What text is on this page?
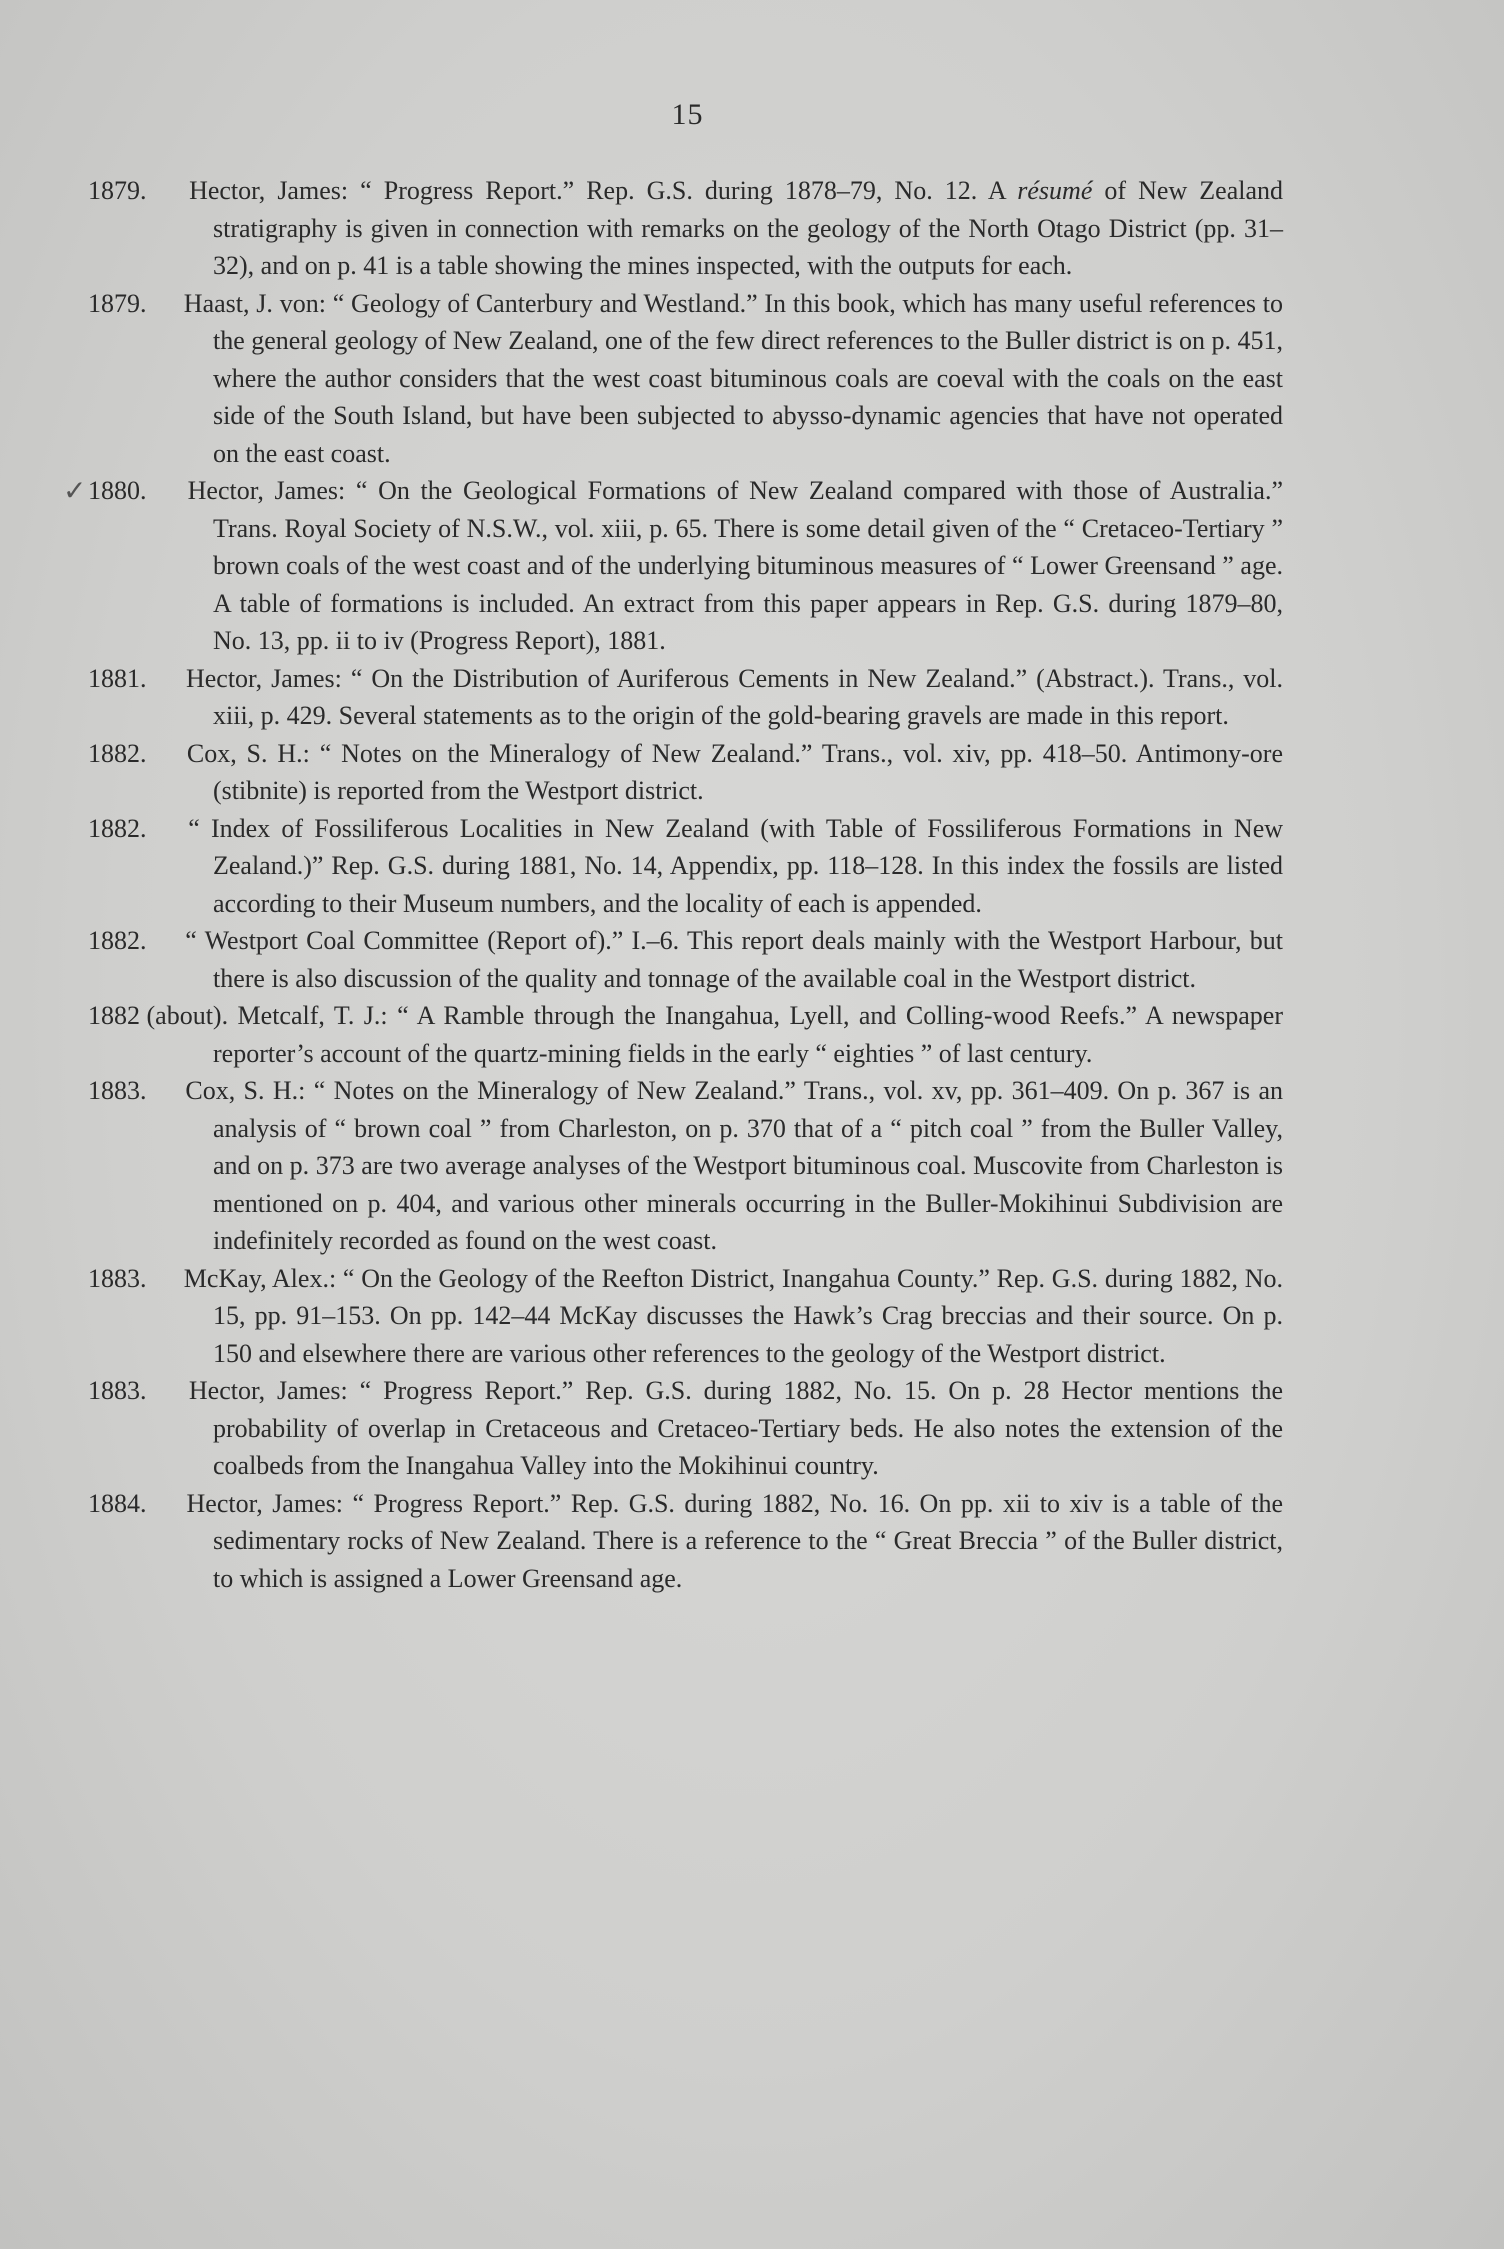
15

1879. Hector, James: “ Progress Report.” Rep. G.S. during 1878–79, No. 12. A résumé of New Zealand stratigraphy is given in connection with remarks on the geology of the North Otago District (pp. 31–32), and on p. 41 is a table showing the mines inspected, with the outputs for each.

1879. Haast, J. von: “ Geology of Canterbury and Westland.” In this book, which has many useful references to the general geology of New Zealand, one of the few direct references to the Buller district is on p. 451, where the author considers that the west coast bituminous coals are coeval with the coals on the east side of the South Island, but have been subjected to abysso-dynamic agencies that have not operated on the east coast.

✓ 1880. Hector, James: “ On the Geological Formations of New Zealand compared with those of Australia.” Trans. Royal Society of N.S.W., vol. xiii, p. 65. There is some detail given of the “ Cretaceo-Tertiary ” brown coals of the west coast and of the underlying bituminous measures of “ Lower Greensand ” age. A table of formations is included. An extract from this paper appears in Rep. G.S. during 1879–80, No. 13, pp. ii to iv (Progress Report), 1881.

1881. Hector, James: “ On the Distribution of Auriferous Cements in New Zealand.” (Abstract.). Trans., vol. xiii, p. 429. Several statements as to the origin of the gold-bearing gravels are made in this report.

1882. Cox, S. H.: “ Notes on the Mineralogy of New Zealand.” Trans., vol. xiv, pp. 418–50. Antimony-ore (stibnite) is reported from the Westport district.

1882. “ Index of Fossiliferous Localities in New Zealand (with Table of Fossiliferous Formations in New Zealand.)” Rep. G.S. during 1881, No. 14, Appendix, pp. 118–128. In this index the fossils are listed according to their Museum numbers, and the locality of each is appended.

1882. “ Westport Coal Committee (Report of).” I.–6. This report deals mainly with the Westport Harbour, but there is also discussion of the quality and tonnage of the available coal in the Westport district.

1882 (about). Metcalf, T. J.: “ A Ramble through the Inangahua, Lyell, and Colling-wood Reefs.” A newspaper reporter’s account of the quartz-mining fields in the early “ eighties ” of last century.

1883. Cox, S. H.: “ Notes on the Mineralogy of New Zealand.” Trans., vol. xv, pp. 361–409. On p. 367 is an analysis of “ brown coal ” from Charleston, on p. 370 that of a “ pitch coal ” from the Buller Valley, and on p. 373 are two average analyses of the Westport bituminous coal. Muscovite from Charleston is mentioned on p. 404, and various other minerals occurring in the Buller-Mokihinui Subdivision are indefinitely recorded as found on the west coast.

1883. McKay, Alex.: “ On the Geology of the Reefton District, Inangahua County.” Rep. G.S. during 1882, No. 15, pp. 91–153. On pp. 142–44 McKay discusses the Hawk’s Crag breccias and their source. On p. 150 and elsewhere there are various other references to the geology of the Westport district.

1883. Hector, James: “ Progress Report.” Rep. G.S. during 1882, No. 15. On p. 28 Hector mentions the probability of overlap in Cretaceous and Cretaceo-Tertiary beds. He also notes the extension of the coalbeds from the Inangahua Valley into the Mokihinui country.

1884. Hector, James: “ Progress Report.” Rep. G.S. during 1882, No. 16. On pp. xii to xiv is a table of the sedimentary rocks of New Zealand. There is a reference to the “ Great Breccia ” of the Buller district, to which is assigned a Lower Greensand age.
